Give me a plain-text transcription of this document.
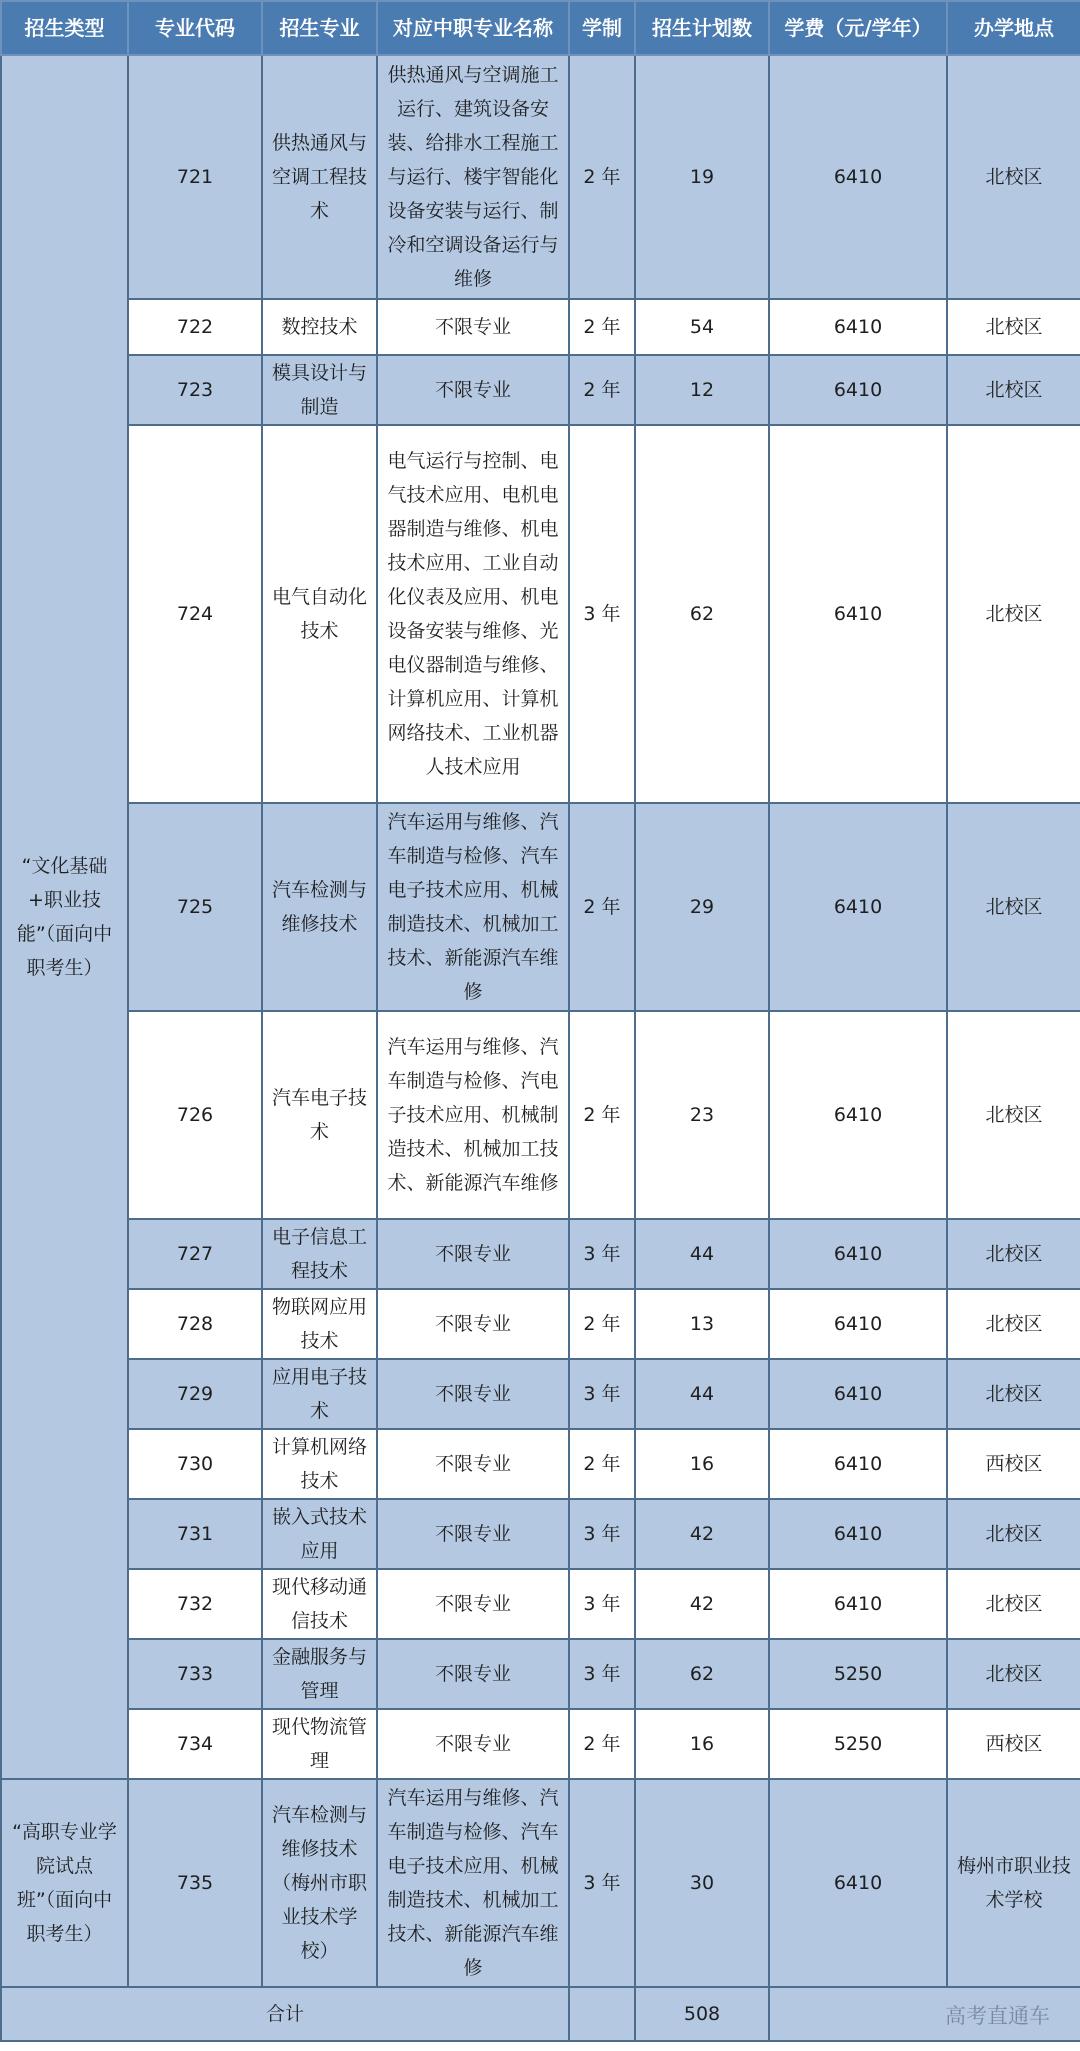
招生类型	专业代码	招生专业	对应中职专业名称	学制	招生计划数	学费（元/学年）	办学地点
“文化基础+职业技能”（面向中职考生）	721	供热通风与空调工程技术	供热通风与空调施工运行、建筑设备安装、给排水工程施工与运行、楼宇智能化设备安装与运行、制冷和空调设备运行与维修	2 年	19	6410	北校区
	722	数控技术	不限专业	2 年	54	6410	北校区
	723	模具设计与制造	不限专业	2 年	12	6410	北校区
	724	电气自动化技术	电气运行与控制、电气技术应用、电机电器制造与维修、机电技术应用、工业自动化仪表及应用、机电设备安装与维修、光电仪器制造与维修、计算机应用、计算机网络技术、工业机器人技术应用	3 年	62	6410	北校区
	725	汽车检测与维修技术	汽车运用与维修、汽车制造与检修、汽车电子技术应用、机械制造技术、机械加工技术、新能源汽车维修	2 年	29	6410	北校区
	726	汽车电子技术	汽车运用与维修、汽车制造与检修、汽电子技术应用、机械制造技术、机械加工技术、新能源汽车维修	2 年	23	6410	北校区
	727	电子信息工程技术	不限专业	3 年	44	6410	北校区
	728	物联网应用技术	不限专业	2 年	13	6410	北校区
	729	应用电子技术	不限专业	3 年	44	6410	北校区
	730	计算机网络技术	不限专业	2 年	16	6410	西校区
	731	嵌入式技术应用	不限专业	3 年	42	6410	北校区
	732	现代移动通信技术	不限专业	3 年	42	6410	北校区
	733	金融服务与管理	不限专业	3 年	62	5250	北校区
	734	现代物流管理	不限专业	2 年	16	5250	西校区
“高职专业学院试点班”（面向中职考生）	735	汽车检测与维修技术（梅州市职业技术学校）	汽车运用与维修、汽车制造与检修、汽车电子技术应用、机械制造技术、机械加工技术、新能源汽车维修	3 年	30	6410	梅州市职业技术学校
合计					508			高考直通车
